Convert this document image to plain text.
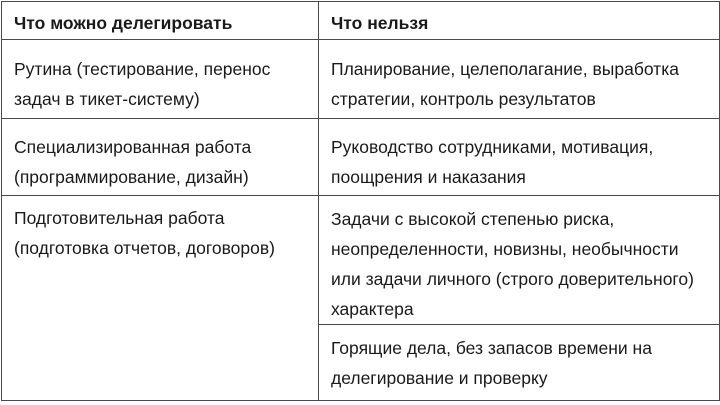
Что можно делегировать	Что нельзя
Рутина (тестирование, перенос задач в тикет-систему)	Планирование, целеполагание, выработка стратегии, контроль результатов
Специализированная работа (программирование, дизайн)	Руководство сотрудниками, мотивация, поощрения и наказания
Подготовительная работа (подготовка отчетов, договоров)	Задачи с высокой степенью риска, неопределенности, новизны, необычности или задачи личного (строго доверительного) характера
	Горящие дела, без запасов времени на делегирование и проверку
